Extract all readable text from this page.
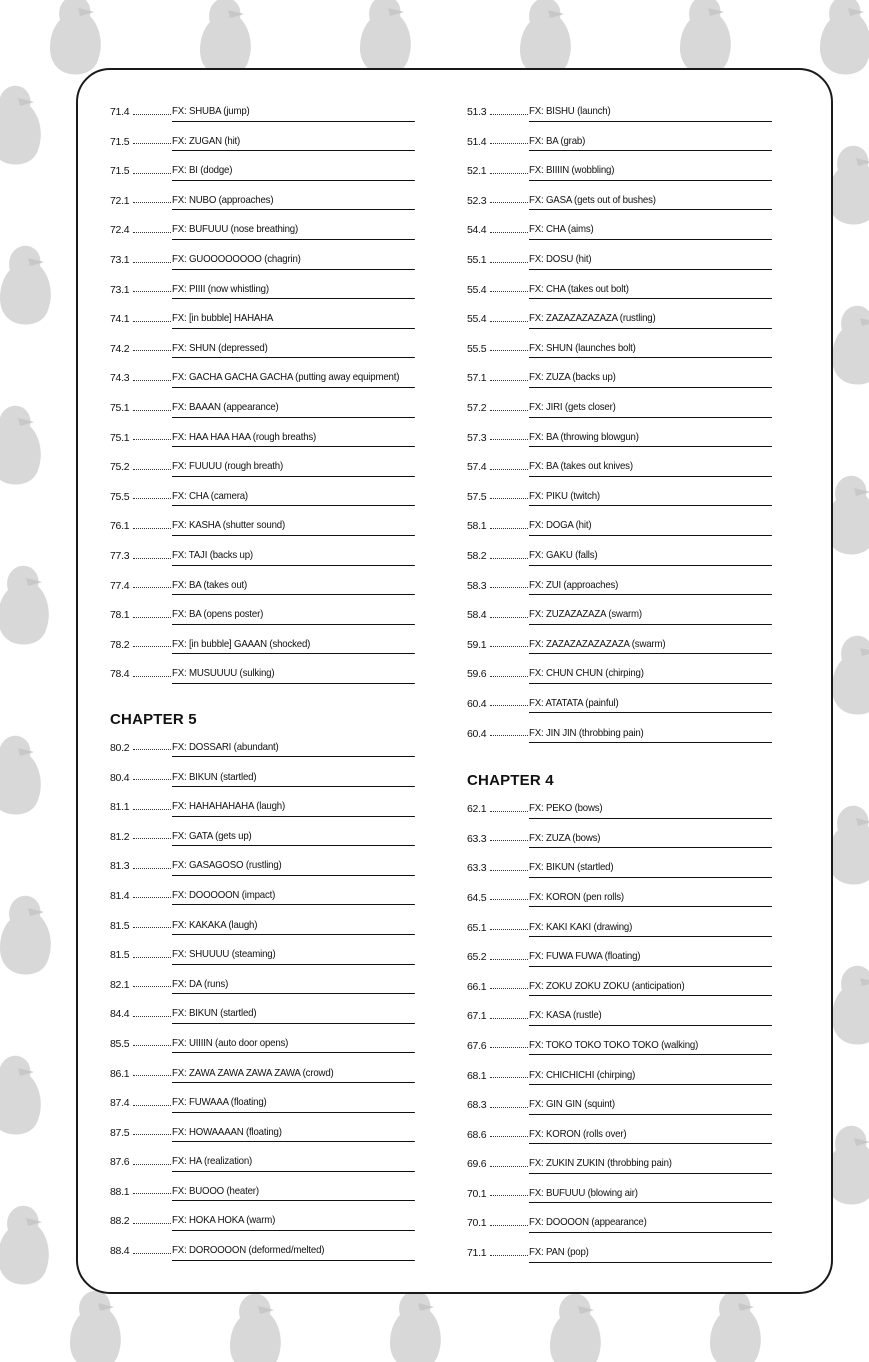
71.4	FX: SHUBA (jump)
71.5	FX: ZUGAN (hit)
71.5	FX: BI (dodge)
72.1	FX: NUBO (approaches)
72.4	FX: BUFUUU (nose breathing)
73.1	FX: GUOOOOOOOO (chagrin)
73.1	FX: PIIII (now whistling)
74.1	FX: [in bubble] HAHAHA
74.2	FX: SHUN (depressed)
74.3	FX: GACHA GACHA GACHA (putting away equipment)
75.1	FX: BAAAN (appearance)
75.1	FX: HAA HAA HAA (rough breaths)
75.2	FX: FUUUU (rough breath)
75.5	FX: CHA (camera)
76.1	FX: KASHA (shutter sound)
77.3	FX: TAJI (backs up)
77.4	FX: BA (takes out)
78.1	FX: BA (opens poster)
78.2	FX: [in bubble] GAAAN (shocked)
78.4	FX: MUSUUUU (sulking)
CHAPTER 5
80.2	FX: DOSSARI (abundant)
80.4	FX: BIKUN (startled)
81.1	FX: HAHAHAHAHA (laugh)
81.2	FX: GATA (gets up)
81.3	FX: GASAGOSO (rustling)
81.4	FX: DOOOOON (impact)
81.5	FX: KAKAKA (laugh)
81.5	FX: SHUUUU (steaming)
82.1	FX: DA (runs)
84.4	FX: BIKUN (startled)
85.5	FX: UIIIIN (auto door opens)
86.1	FX: ZAWA ZAWA ZAWA ZAWA (crowd)
87.4	FX: FUWAAA (floating)
87.5	FX: HOWAAAAN (floating)
87.6	FX: HA (realization)
88.1	FX: BUOOO (heater)
88.2	FX: HOKA HOKA (warm)
88.4	FX: DOROOOON (deformed/melted)
51.3	FX: BISHU (launch)
51.4	FX: BA (grab)
52.1	FX: BIIIIN (wobbling)
52.3	FX: GASA (gets out of bushes)
54.4	FX: CHA (aims)
55.1	FX: DOSU (hit)
55.4	FX: CHA (takes out bolt)
55.4	FX: ZAZAZAZAZAZA (rustling)
55.5	FX: SHUN (launches bolt)
57.1	FX: ZUZA (backs up)
57.2	FX: JIRI (gets closer)
57.3	FX: BA (throwing blowgun)
57.4	FX: BA (takes out knives)
57.5	FX: PIKU (twitch)
58.1	FX: DOGA (hit)
58.2	FX: GAKU (falls)
58.3	FX: ZUI (approaches)
58.4	FX: ZUZAZAZAZA (swarm)
59.1	FX: ZAZAZAZAZAZAZA (swarm)
59.6	FX: CHUN CHUN (chirping)
60.4	FX: ATATATA (painful)
60.4	FX: JIN JIN (throbbing pain)
CHAPTER 4
62.1	FX: PEKO (bows)
63.3	FX: ZUZA (bows)
63.3	FX: BIKUN (startled)
64.5	FX: KORON (pen rolls)
65.1	FX: KAKI KAKI (drawing)
65.2	FX: FUWA FUWA (floating)
66.1	FX: ZOKU ZOKU ZOKU (anticipation)
67.1	FX: KASA (rustle)
67.6	FX: TOKO TOKO TOKO TOKO (walking)
68.1	FX: CHICHICHI (chirping)
68.3	FX: GIN GIN (squint)
68.6	FX: KORON (rolls over)
69.6	FX: ZUKIN ZUKIN (throbbing pain)
70.1	FX: BUFUUU (blowing air)
70.1	FX: DOOOON (appearance)
71.1	FX: PAN (pop)
